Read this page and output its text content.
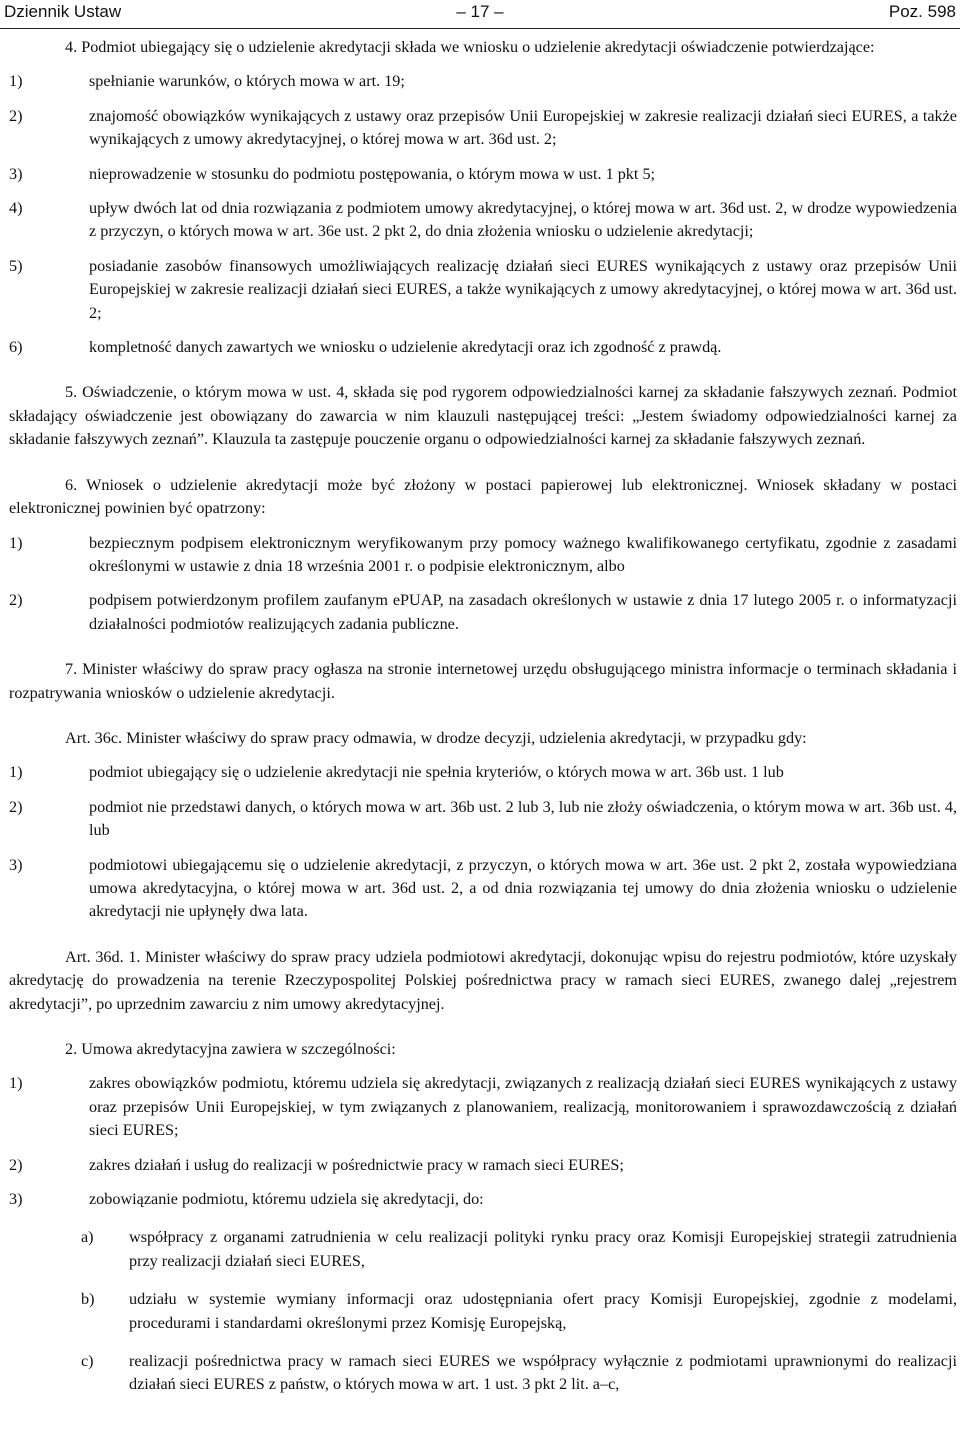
Dziennik Ustaw	– 17 –	Poz. 598

4. Podmiot ubiegający się o udzielenie akredytacji składa we wniosku o udzielenie akredytacji oświadczenie potwierdzające:

1)	spełnianie warunków, o których mowa w art. 19;
2)	znajomość obowiązków wynikających z ustawy oraz przepisów Unii Europejskiej w zakresie realizacji działań sieci EURES, a także wynikających z umowy akredytacyjnej, o której mowa w art. 36d ust. 2;
3)	nieprowadzenie w stosunku do podmiotu postępowania, o którym mowa w ust. 1 pkt 5;
4)	upływ dwóch lat od dnia rozwiązania z podmiotem umowy akredytacyjnej, o której mowa w art. 36d ust. 2, w drodze wypowiedzenia z przyczyn, o których mowa w art. 36e ust. 2 pkt 2, do dnia złożenia wniosku o udzielenie akredytacji;
5)	posiadanie zasobów finansowych umożliwiających realizację działań sieci EURES wynikających z ustawy oraz przepisów Unii Europejskiej w zakresie realizacji działań sieci EURES, a także wynikających z umowy akredytacyjnej, o której mowa w art. 36d ust. 2;
6)	kompletność danych zawartych we wniosku o udzielenie akredytacji oraz ich zgodność z prawdą.

5. Oświadczenie, o którym mowa w ust. 4, składa się pod rygorem odpowiedzialności karnej za składanie fałszywych zeznań. Podmiot składający oświadczenie jest obowiązany do zawarcia w nim klauzuli następującej treści: „Jestem świadomy odpowiedzialności karnej za składanie fałszywych zeznań”. Klauzula ta zastępuje pouczenie organu o odpowiedzialności karnej za składanie fałszywych zeznań.

6. Wniosek o udzielenie akredytacji może być złożony w postaci papierowej lub elektronicznej. Wniosek składany w postaci elektronicznej powinien być opatrzony:

1)	bezpiecznym podpisem elektronicznym weryfikowanym przy pomocy ważnego kwalifikowanego certyfikatu, zgodnie z zasadami określonymi w ustawie z dnia 18 września 2001 r. o podpisie elektronicznym, albo
2)	podpisem potwierdzonym profilem zaufanym ePUAP, na zasadach określonych w ustawie z dnia 17 lutego 2005 r. o informatyzacji działalności podmiotów realizujących zadania publiczne.

7. Minister właściwy do spraw pracy ogłasza na stronie internetowej urzędu obsługującego ministra informacje o terminach składania i rozpatrywania wniosków o udzielenie akredytacji.

Art. 36c. Minister właściwy do spraw pracy odmawia, w drodze decyzji, udzielenia akredytacji, w przypadku gdy:

1)	podmiot ubiegający się o udzielenie akredytacji nie spełnia kryteriów, o których mowa w art. 36b ust. 1 lub
2)	podmiot nie przedstawi danych, o których mowa w art. 36b ust. 2 lub 3, lub nie złoży oświadczenia, o którym mowa w art. 36b ust. 4, lub
3)	podmiotowi ubiegającemu się o udzielenie akredytacji, z przyczyn, o których mowa w art. 36e ust. 2 pkt 2, została wypowiedziana umowa akredytacyjna, o której mowa w art. 36d ust. 2, a od dnia rozwiązania tej umowy do dnia złożenia wniosku o udzielenie akredytacji nie upłynęły dwa lata.

Art. 36d. 1. Minister właściwy do spraw pracy udziela podmiotowi akredytacji, dokonując wpisu do rejestru podmiotów, które uzyskały akredytację do prowadzenia na terenie Rzeczypospolitej Polskiej pośrednictwa pracy w ramach sieci EURES, zwanego dalej „rejestrem akredytacji”, po uprzednim zawarciu z nim umowy akredytacyjnej.

2. Umowa akredytacyjna zawiera w szczególności:

1)	zakres obowiązków podmiotu, któremu udziela się akredytacji, związanych z realizacją działań sieci EURES wynikających z ustawy oraz przepisów Unii Europejskiej, w tym związanych z planowaniem, realizacją, monitorowaniem i sprawozdawczością z działań sieci EURES;
2)	zakres działań i usług do realizacji w pośrednictwie pracy w ramach sieci EURES;
3)	zobowiązanie podmiotu, któremu udziela się akredytacji, do:
a)	współpracy z organami zatrudnienia w celu realizacji polityki rynku pracy oraz Komisji Europejskiej strategii zatrudnienia przy realizacji działań sieci EURES,
b)	udziału w systemie wymiany informacji oraz udostępniania ofert pracy Komisji Europejskiej, zgodnie z modelami, procedurami i standardami określonymi przez Komisję Europejską,
c)	realizacji pośrednictwa pracy w ramach sieci EURES we współpracy wyłącznie z podmiotami uprawnionymi do realizacji działań sieci EURES z państw, o których mowa w art. 1 ust. 3 pkt 2 lit. a–c,
